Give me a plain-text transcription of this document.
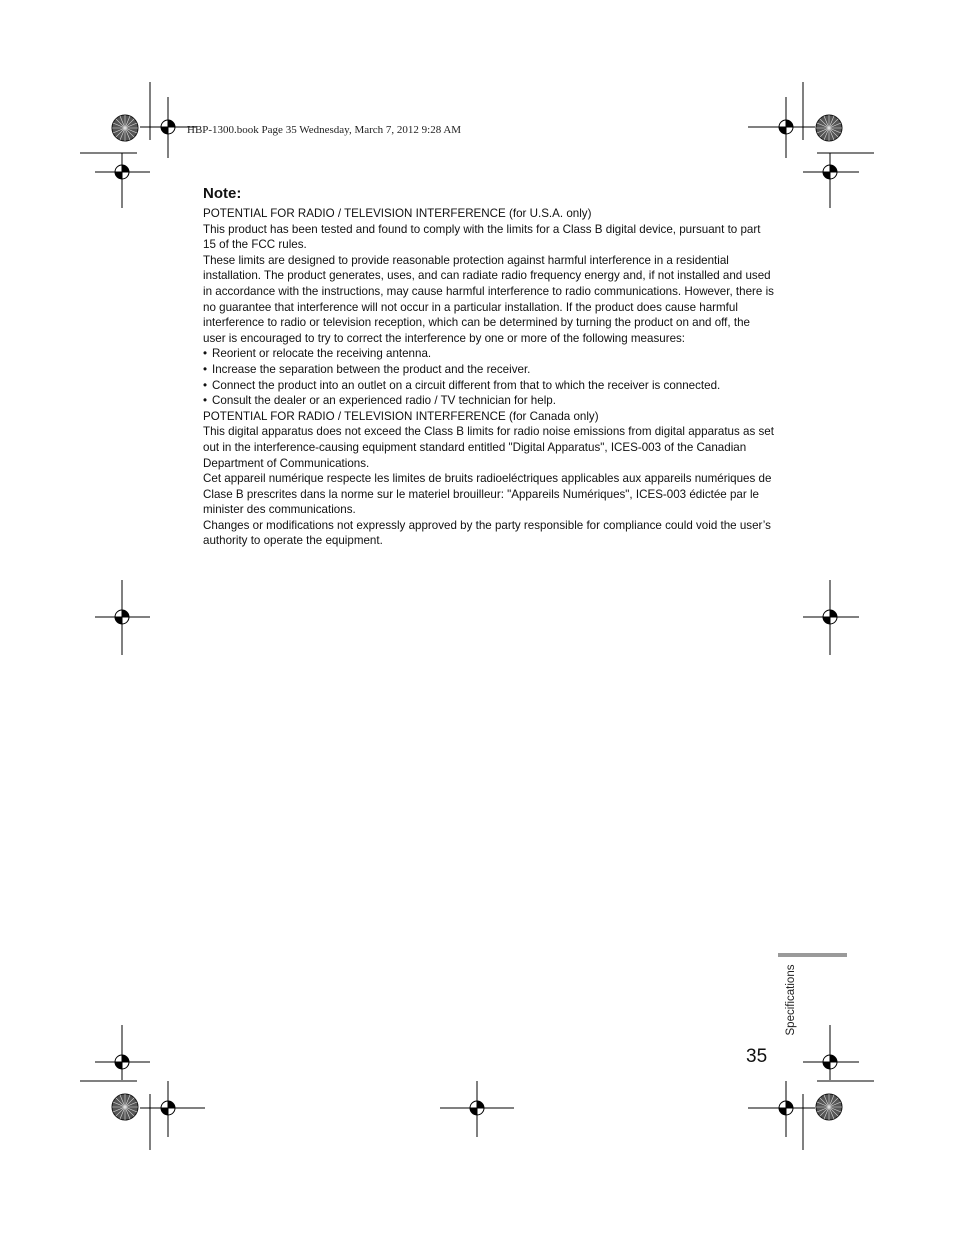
HBP-1300.book Page 35 Wednesday, March 7, 2012 9:28 AM
Note:

POTENTIAL FOR RADIO / TELEVISION INTERFERENCE (for U.S.A. only)

This product has been tested and found to comply with the limits for a Class B digital device, pursuant to part 15 of the FCC rules.

These limits are designed to provide reasonable protection against harmful interference in a residential installation. The product generates, uses, and can radiate radio frequency energy and, if not installed and used in accordance with the instructions, may cause harmful interference to radio communications. However, there is no guarantee that interference will not occur in a particular installation. If the product does cause harmful interference to radio or television reception, which can be determined by turning the product on and off, the user is encouraged to try to correct the interference by one or more of the following measures:

• Reorient or relocate the receiving antenna.

• Increase the separation between the product and the receiver.

• Connect the product into an outlet on a circuit different from that to which the receiver is connected.

• Consult the dealer or an experienced radio / TV technician for help.

POTENTIAL FOR RADIO / TELEVISION INTERFERENCE (for Canada only)

This digital apparatus does not exceed the Class B limits for radio noise emissions from digital apparatus as set out in the interference-causing equipment standard entitled "Digital Apparatus", ICES-003 of the Canadian Department of Communications.

Cet appareil numérique respecte les limites de bruits radioeléctriques applicables aux appareils numériques de Clase B prescrites dans la norme sur le materiel brouilleur: "Appareils Numériques", ICES-003 édictée par le minister des communications.

Changes or modifications not expressly approved by the party responsible for compliance could void the user’s authority to operate the equipment.

Specifications
35
